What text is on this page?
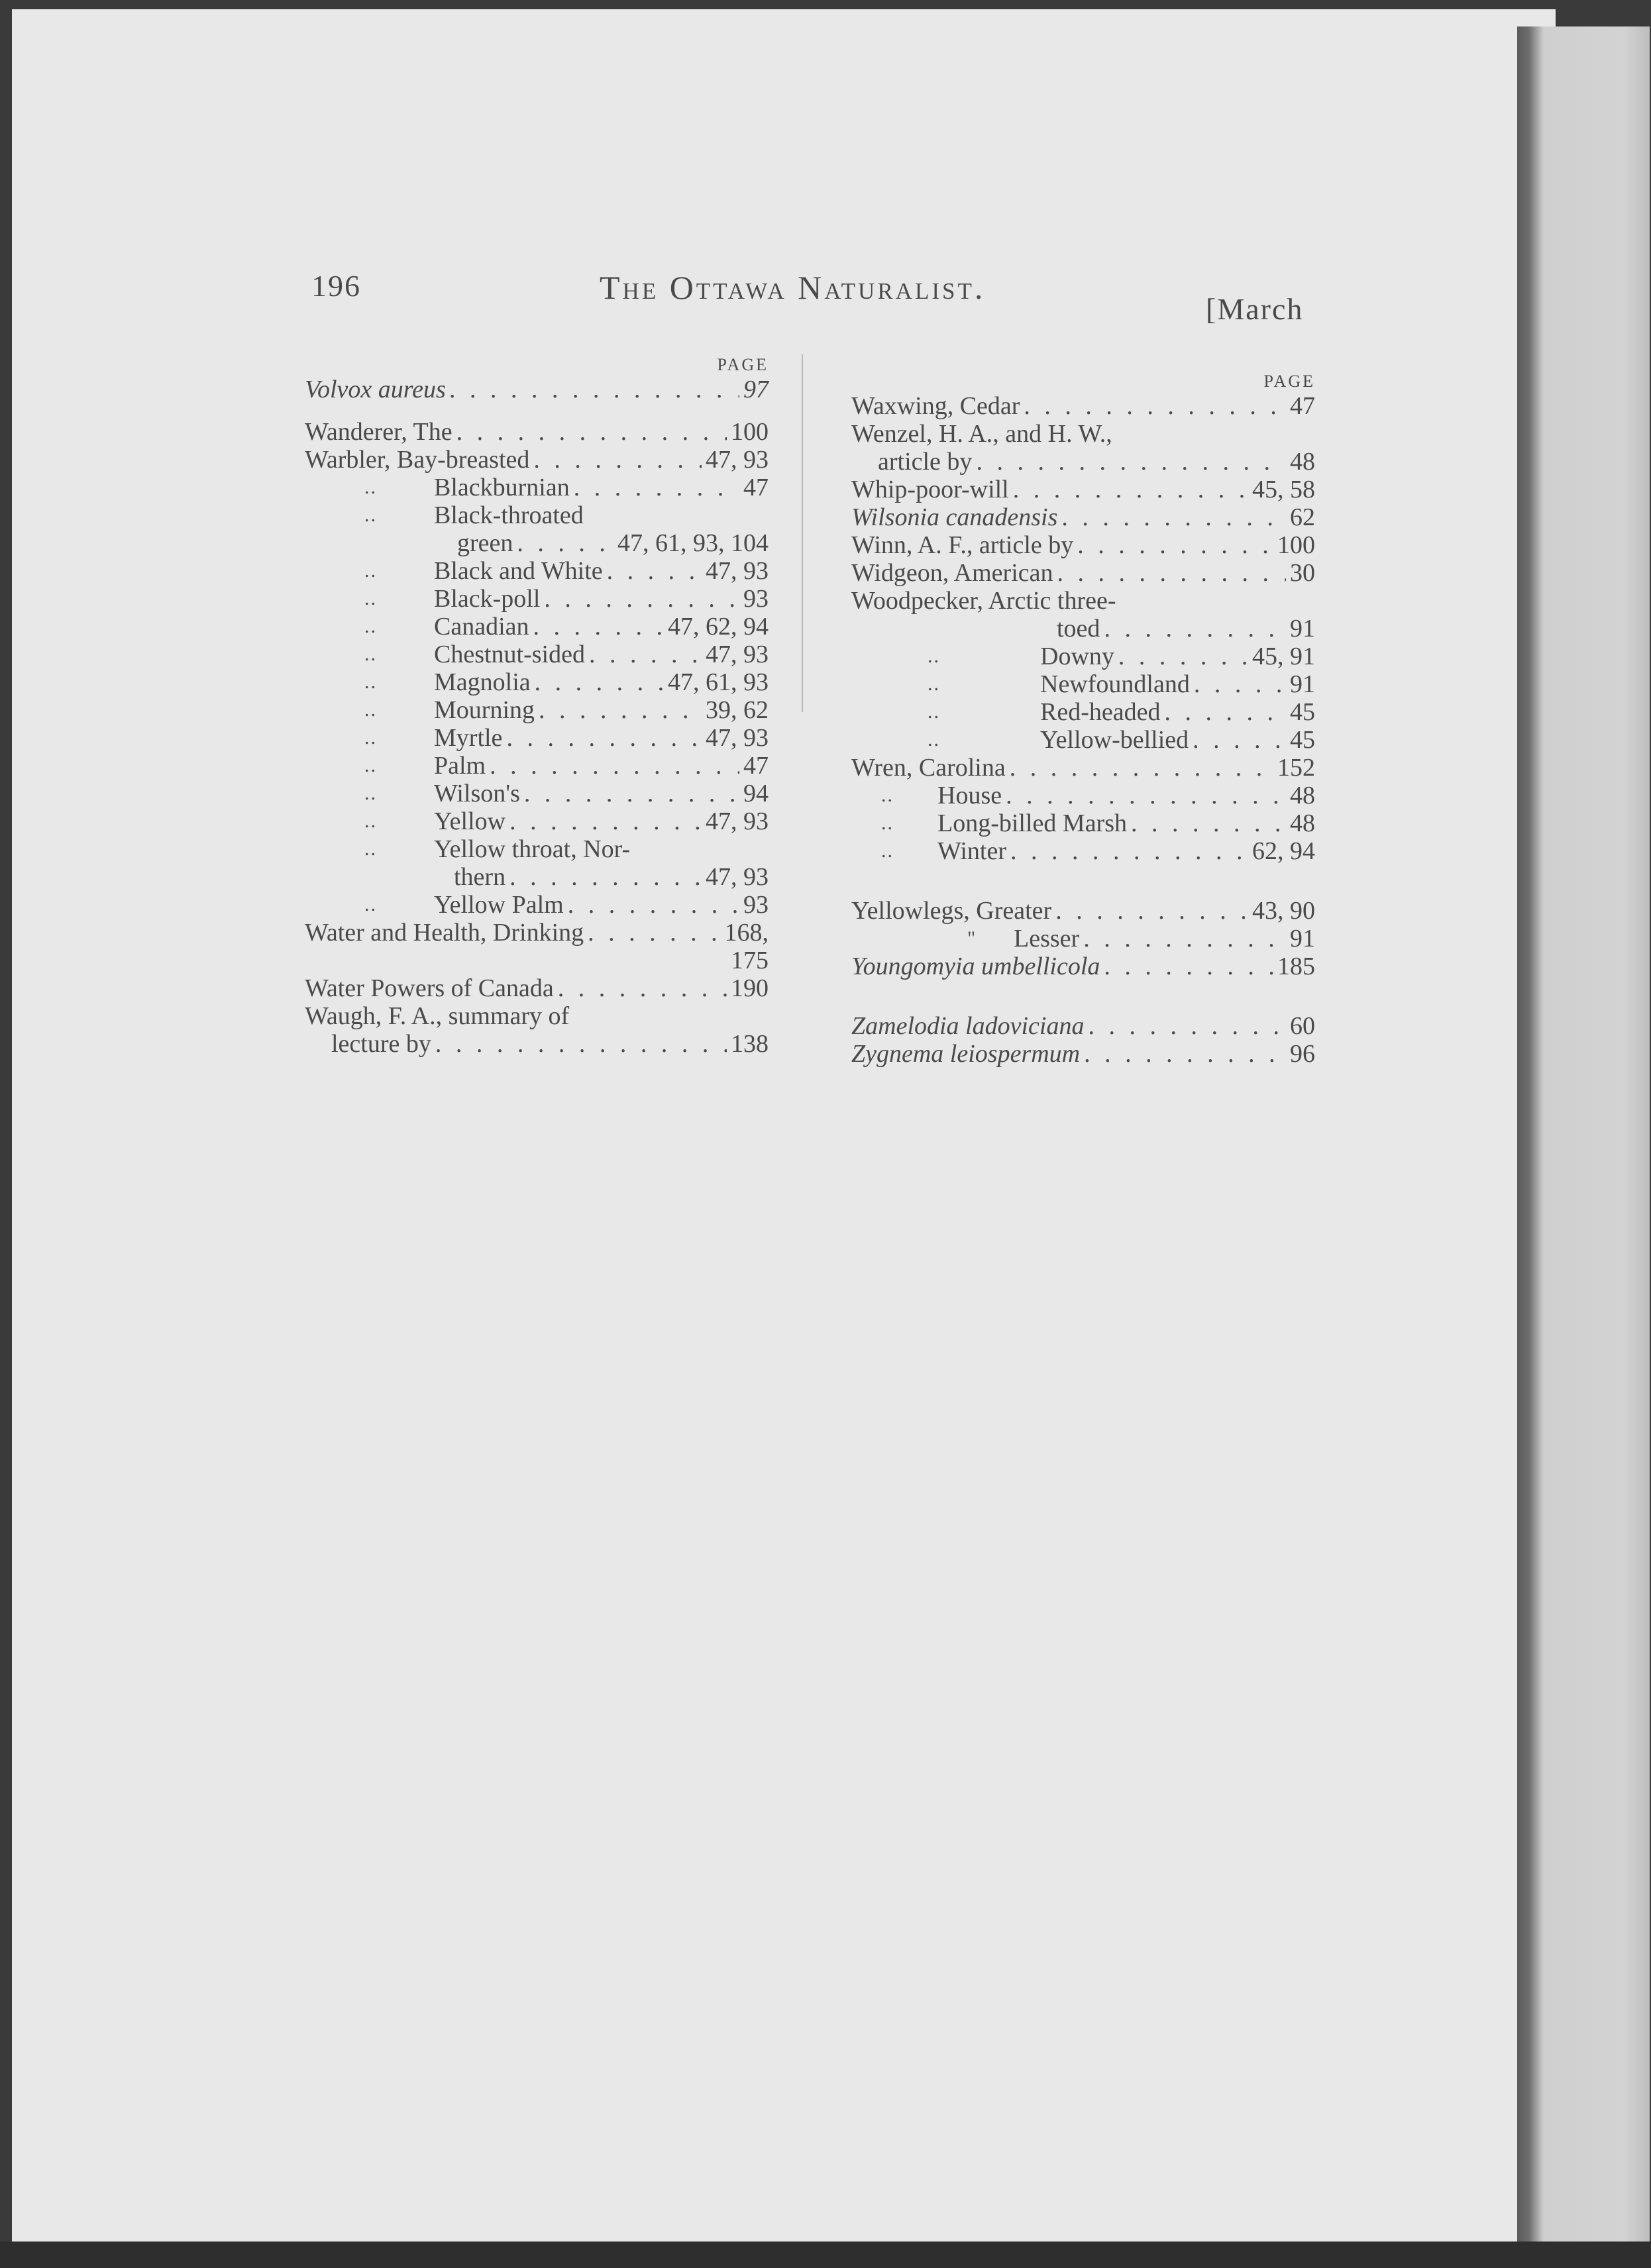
196	The Ottawa Naturalist.
[March
PAGE
Volvox aureus . . .	97
Wanderer, The . . .	100
Warbler, Bay-breasted . . .	47, 93
.. Blackburnian . . .	47
.. Black-throated
green . . .	47, 61, 93, 104
.. Black and White . . .	47, 93
.. Black-poll . . .	93
.. Canadian . . .	47, 62, 94
.. Chestnut-sided . . .	47, 93
.. Magnolia . . .	47, 61, 93
.. Mourning . . .	39, 62
.. Myrtle . . .	47, 93
.. Palm . . .	47
.. Wilson's . . .	94
.. Yellow . . .	47, 93
.. Yellow throat, Nor-
thern . . .	47, 93
.. Yellow Palm . . .	93
Water and Health, Drinking . . .	168,
175
Water Powers of Canada . . .	190
Waugh, F. A., summary of
lecture by . . .	138
PAGE
Waxwing, Cedar . . .	47
Wenzel, H. A., and H. W.,
article by . . .	48
Whip-poor-will . . .	45, 58
Wilsonia canadensis . . .	62
Winn, A. F., article by . . .	100
Widgeon, American . . .	30
Woodpecker, Arctic three-
toed . . .	91
..	Downy . . .	45, 91
..	Newfoundland . . .	91
..	Red-headed . . .	45
..	Yellow-bellied . . .	45
Wren, Carolina . . .	152
.. House . . .	48
.. Long-billed Marsh . . .	48
.. Winter . . .	62, 94
Yellowlegs, Greater . . .	43, 90
" Lesser . . .	91
Youngomyia umbellicola . . .	185
Zamelodia ladoviciana . . .	60
Zygnema leiospermum . . .	96
